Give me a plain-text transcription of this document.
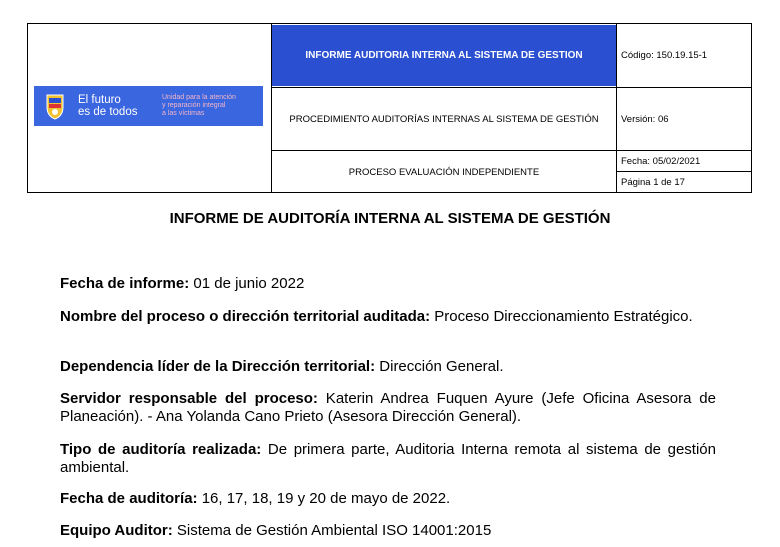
El futuro
es de todos
Unidad para la atención
y reparación integral
a las víctimas
INFORME AUDITORIA INTERNA AL SISTEMA DE GESTION
PROCEDIMIENTO AUDITORÍAS INTERNAS AL SISTEMA DE GESTIÓN
PROCESO EVALUACIÓN INDEPENDIENTE
Código: 150.19.15-1
Versión: 06
Fecha: 05/02/2021
Página 1 de 17
INFORME DE AUDITORÍA INTERNA AL SISTEMA DE GESTIÓN
Fecha de informe: 01 de junio 2022
Nombre del proceso o dirección territorial auditada: Proceso Direccionamiento Estratégico.
Dependencia líder de la Dirección territorial: Dirección General.
Servidor responsable del proceso: Katerin Andrea Fuquen Ayure (Jefe Oficina Asesora de Planeación). - Ana Yolanda Cano Prieto (Asesora Dirección General).
Tipo de auditoría realizada: De primera parte, Auditoria Interna remota al sistema de gestión ambiental.
Fecha de auditoría: 16, 17, 18, 19 y 20 de mayo de 2022.
Equipo Auditor: Sistema de Gestión Ambiental ISO 14001:2015
